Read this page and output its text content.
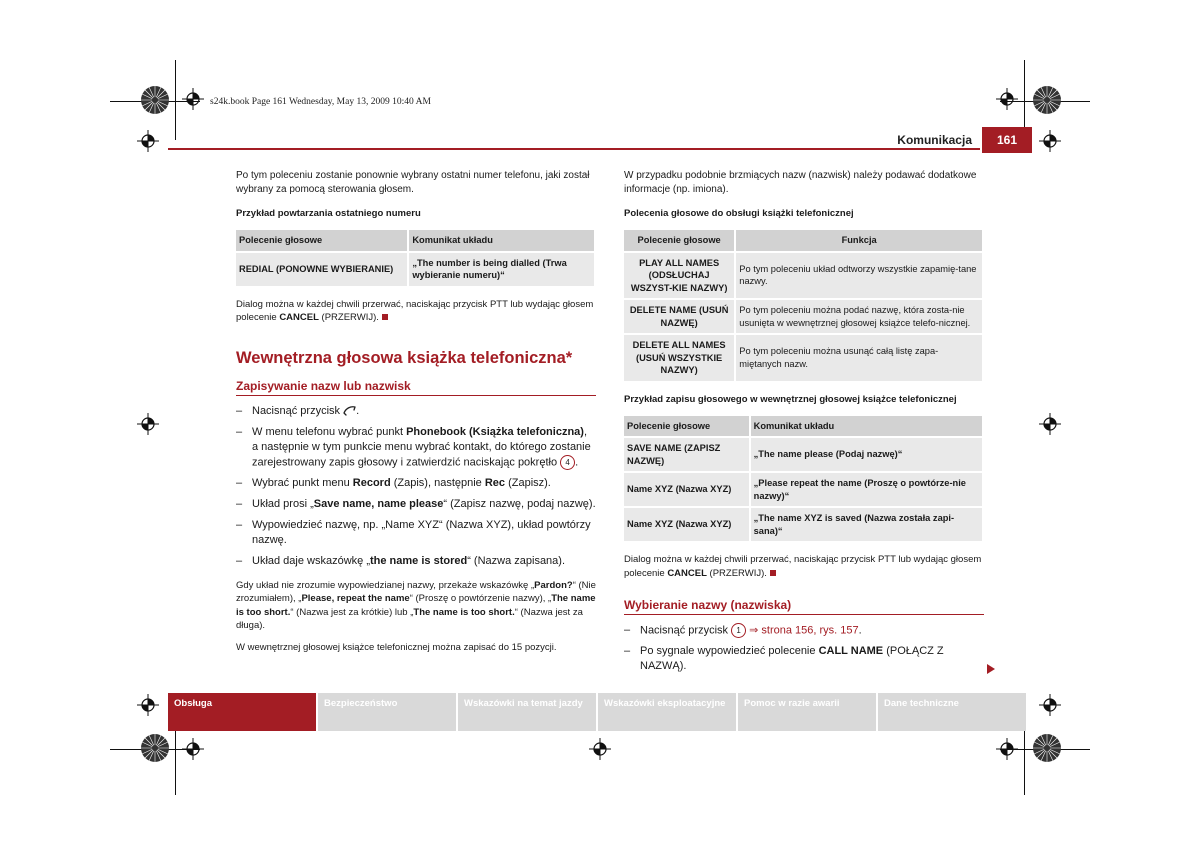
s24k.book Page 161 Wednesday, May 13, 2009 10:40 AM
Komunikacja	161

Po tym poleceniu zostanie ponownie wybrany ostatni numer telefonu, jaki został wybrany za pomocą sterowania głosem.

Przykład powtarzania ostatniego numeru

Polecenie głosowe	Komunikat układu
REDIAL (PONOWNE WYBIERANIE)	„The number is being dialled (Trwa wybieranie numeru)“

Dialog można w każdej chwili przerwać, naciskając przycisk PTT lub wydając głosem polecenie CANCEL (PRZERWIJ).

Wewnętrzna głosowa książka telefoniczna*
Zapisywanie nazw lub nazwisk
– Nacisnąć przycisk .
– W menu telefonu wybrać punkt Phonebook (Książka telefoniczna), a następnie w tym punkcie menu wybrać kontakt, do którego zostanie zarejestrowany zapis głosowy i zatwierdzić naciskając pokrętło 4 .
– Wybrać punkt menu Record (Zapis), następnie Rec (Zapisz).
– Układ prosi „Save name, name please“ (Zapisz nazwę, podaj nazwę).
– Wypowiedzieć nazwę, np. „Name XYZ“ (Nazwa XYZ), układ powtórzy nazwę.
– Układ daje wskazówkę „the name is stored“ (Nazwa zapisana).

Gdy układ nie zrozumie wypowiedzianej nazwy, przekaże wskazówkę „Pardon?“ (Nie zrozumiałem), „Please, repeat the name“ (Proszę o powtórzenie nazwy), „The name is too short.“ (Nazwa jest za krótkie) lub „The name is too short.“ (Nazwa jest za długa).

W wewnętrznej głosowej książce telefonicznej można zapisać do 15 pozycji.

W przypadku podobnie brzmiących nazw (nazwisk) należy podawać dodatkowe informacje (np. imiona).

Polecenia głosowe do obsługi książki telefonicznej

Polecenie głosowe	Funkcja
PLAY ALL NAMES (ODSŁUCHAJ WSZYST-KIE NAZWY)	Po tym poleceniu układ odtworzy wszystkie zapamię-tane nazwy.
DELETE NAME (USUŃ NAZWĘ)	Po tym poleceniu można podać nazwę, która zosta-nie usunięta w wewnętrznej głosowej książce telefo-nicznej.
DELETE ALL NAMES (USUŃ WSZYSTKIE NAZWY)	Po tym poleceniu można usunąć całą listę zapa-miętanych nazw.

Przykład zapisu głosowego w wewnętrznej głosowej książce telefonicznej

Polecenie głosowe	Komunikat układu
SAVE NAME (ZAPISZ NAZWĘ)	„The name please (Podaj nazwę)“
Name XYZ (Nazwa XYZ)	„Please repeat the name (Proszę o powtórze-nie nazwy)“
Name XYZ (Nazwa XYZ)	„The name XYZ is saved (Nazwa została zapi-sana)“

Dialog można w każdej chwili przerwać, naciskając przycisk PTT lub wydając głosem polecenie CANCEL (PRZERWIJ).

Wybieranie nazwy (nazwiska)
– Nacisnąć przycisk 1 ⇒ strona 156, rys. 157.
– Po sygnale wypowiedzieć polecenie CALL NAME (POŁĄCZ Z NAZWĄ).
Obsługa	Bezpieczeństwo	Wskazówki na temat jazdy	Wskazówki eksploatacyjne	Pomoc w razie awarii	Dane techniczne
